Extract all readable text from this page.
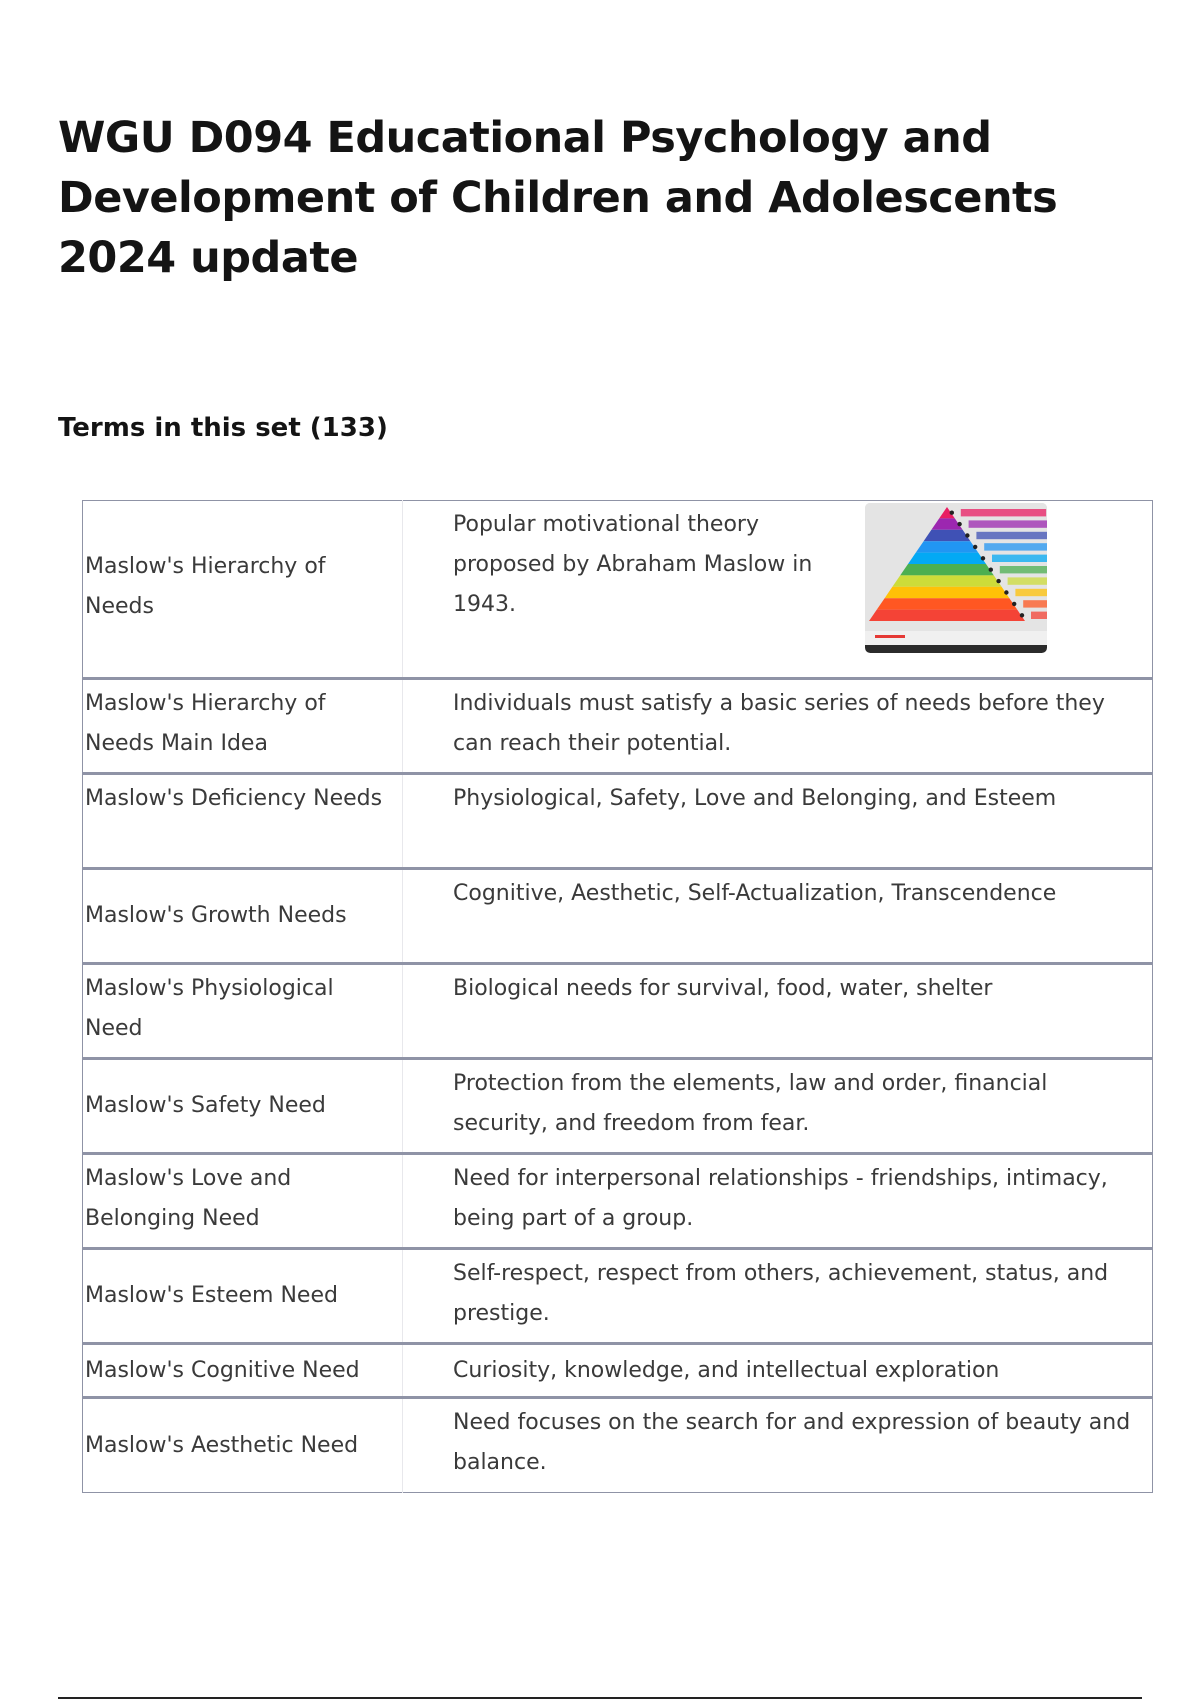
WGU D094 Educational Psychology and Development of Children and Adolescents 2024 update
Terms in this set (133)
Maslow's Hierarchy of Needs	Popular motivational theory proposed by Abraham Maslow in 1943.

Maslow's Hierarchy of Needs Main Idea	Individuals must satisfy a basic series of needs before they can reach their potential.
Maslow's Deficiency Needs	Physiological, Safety, Love and Belonging, and Esteem
Maslow's Growth Needs	Cognitive, Aesthetic, Self-Actualization, Transcendence
Maslow's Physiological Need	Biological needs for survival, food, water, shelter
Maslow's Safety Need	Protection from the elements, law and order, financial security, and freedom from fear.
Maslow's Love and Belonging Need	Need for interpersonal relationships - friendships, intimacy, being part of a group.
Maslow's Esteem Need	Self-respect, respect from others, achievement, status, and prestige.
Maslow's Cognitive Need	Curiosity, knowledge, and intellectual exploration
Maslow's Aesthetic Need	Need focuses on the search for and expression of beauty and balance.
